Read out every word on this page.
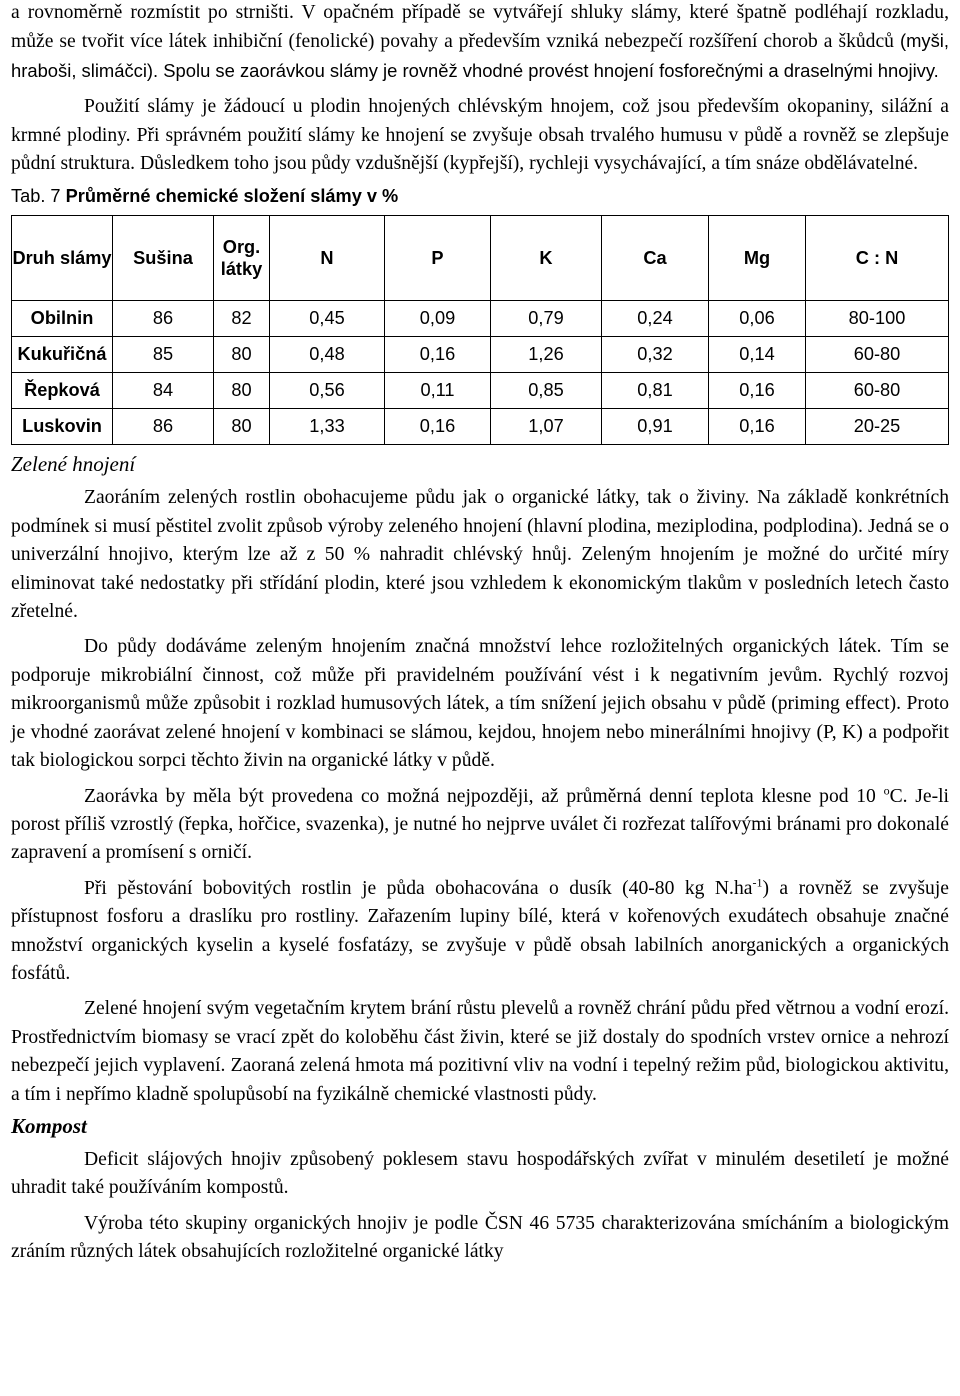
a rovnoměrně rozmístit po strništi. V opačném případě se vytvářejí shluky slámy, které špatně podléhají rozkladu, může se tvořit více látek inhibiční (fenolické) povahy a především vzniká nebezpečí rozšíření chorob a škůdců (myši, hraboši, slimáčci). Spolu se zaorávkou slámy je rovněž vhodné provést hnojení fosforečnými a draselnými hnojivy.

Použití slámy je žádoucí u plodin hnojených chlévským hnojem, což jsou především okopaniny, silážní a krmné plodiny. Při správném použití slámy ke hnojení se zvyšuje obsah trvalého humusu v půdě a rovněž se zlepšuje půdní struktura. Důsledkem toho jsou půdy vzdušnější (kypřejší), rychleji vysychávající, a tím snáze obdělávatelné.

Tab. 7 Průměrné chemické složení slámy v %
Druh slámy	Sušina	Org. látky	N	P	K	Ca	Mg	C : N
Obilnin	86	82	0,45	0,09	0,79	0,24	0,06	80-100
Kukuřičná	85	80	0,48	0,16	1,26	0,32	0,14	60-80
Řepková	84	80	0,56	0,11	0,85	0,81	0,16	60-80
Luskovin	86	80	1,33	0,16	1,07	0,91	0,16	20-25
Zelené hnojení

Zaoráním zelených rostlin obohacujeme půdu jak o organické látky, tak o živiny. Na základě konkrétních podmínek si musí pěstitel zvolit způsob výroby zeleného hnojení (hlavní plodina, meziplodina, podplodina). Jedná se o univerzální hnojivo, kterým lze až z 50 % nahradit chlévský hnůj. Zeleným hnojením je možné do určité míry eliminovat také nedostatky při střídání plodin, které jsou vzhledem k ekonomickým tlakům v posledních letech často zřetelné.

Do půdy dodáváme zeleným hnojením značná množství lehce rozložitelných organických látek. Tím se podporuje mikrobiální činnost, což může při pravidelném používání vést i k negativním jevům. Rychlý rozvoj mikroorganismů může způsobit i rozklad humusových látek, a tím snížení jejich obsahu v půdě (priming effect). Proto je vhodné zaorávat zelené hnojení v kombinaci se slámou, kejdou, hnojem nebo minerálními hnojivy (P, K) a podpořit tak biologickou sorpci těchto živin na organické látky v půdě.

Zaorávka by měla být provedena co možná nejpozději, až průměrná denní teplota klesne pod 10 $^o$C. Je-li porost příliš vzrostlý (řepka, hořčice, svazenka), je nutné ho nejprve uválet či rozřezat talířovými bránami pro dokonalé zapravení a promísení s orničí.

Při pěstování bobovitých rostlin je půda obohacována o dusík (40-80 kg $N.ha^{-1}$) a rovněž se zvyšuje přístupnost fosforu a draslíku pro rostliny. Zařazením lupiny bílé, která v kořenových exudátech obsahuje značné množství organických kyselin a kyselé fosfatázy, se zvyšuje v půdě obsah labilních anorganických a organických fosfátů.

Zelené hnojení svým vegetačním krytem brání růstu plevelů a rovněž chrání půdu před větrnou a vodní erozí. Prostřednictvím biomasy se vrací zpět do koloběhu část živin, které se již dostaly do spodních vrstev ornice a nehrozí nebezpečí jejich vyplavení. Zaoraná zelená hmota má pozitivní vliv na vodní i tepelný režim půd, biologickou aktivitu, a tím i nepřímo kladně spolupůsobí na fyzikálně chemické vlastnosti půdy.

Kompost

Deficit slájových hnojiv způsobený poklesem stavu hospodářských zvířat v minulém desetiletí je možné uhradit také používáním kompostů.

Výroba této skupiny organických hnojiv je podle ČSN 46 5735 charakterizována smícháním a biologickým zráním různých látek obsahujících rozložitelné organické látky
